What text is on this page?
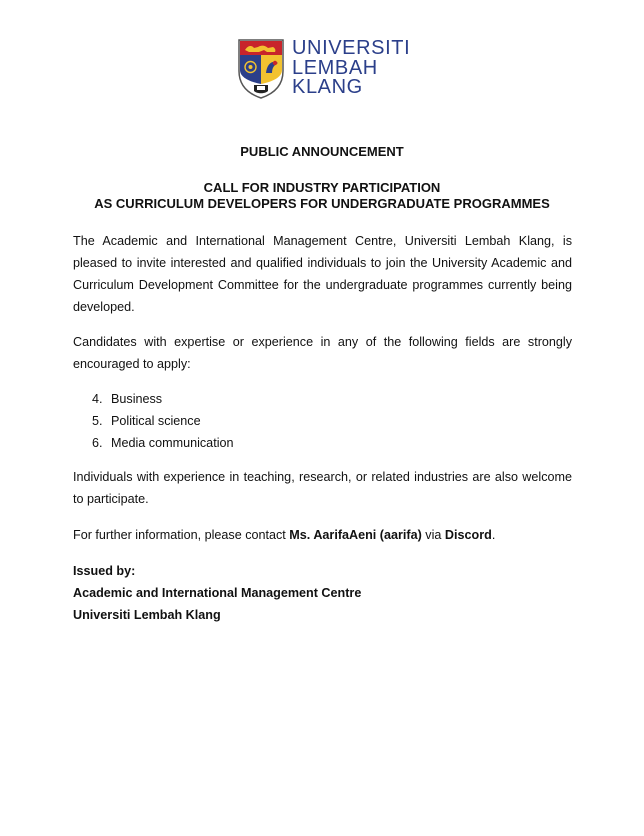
UNIVERSITI
LEMBAH
KLANG
PUBLIC ANNOUNCEMENT
CALL FOR INDUSTRY PARTICIPATION
AS CURRICULUM DEVELOPERS FOR UNDERGRADUATE PROGRAMMES

The Academic and International Management Centre, Universiti Lembah Klang, is pleased to invite interested and qualified individuals to join the University Academic and Curriculum Development Committee for the undergraduate programmes currently being developed.

Candidates with expertise or experience in any of the following fields are strongly encouraged to apply:

4. Business
5. Political science
6. Media communication

Individuals with experience in teaching, research, or related industries are also welcome to participate.

For further information, please contact Ms. AarifaAeni (aarifa) via Discord.

Issued by:
Academic and International Management Centre
Universiti Lembah Klang
